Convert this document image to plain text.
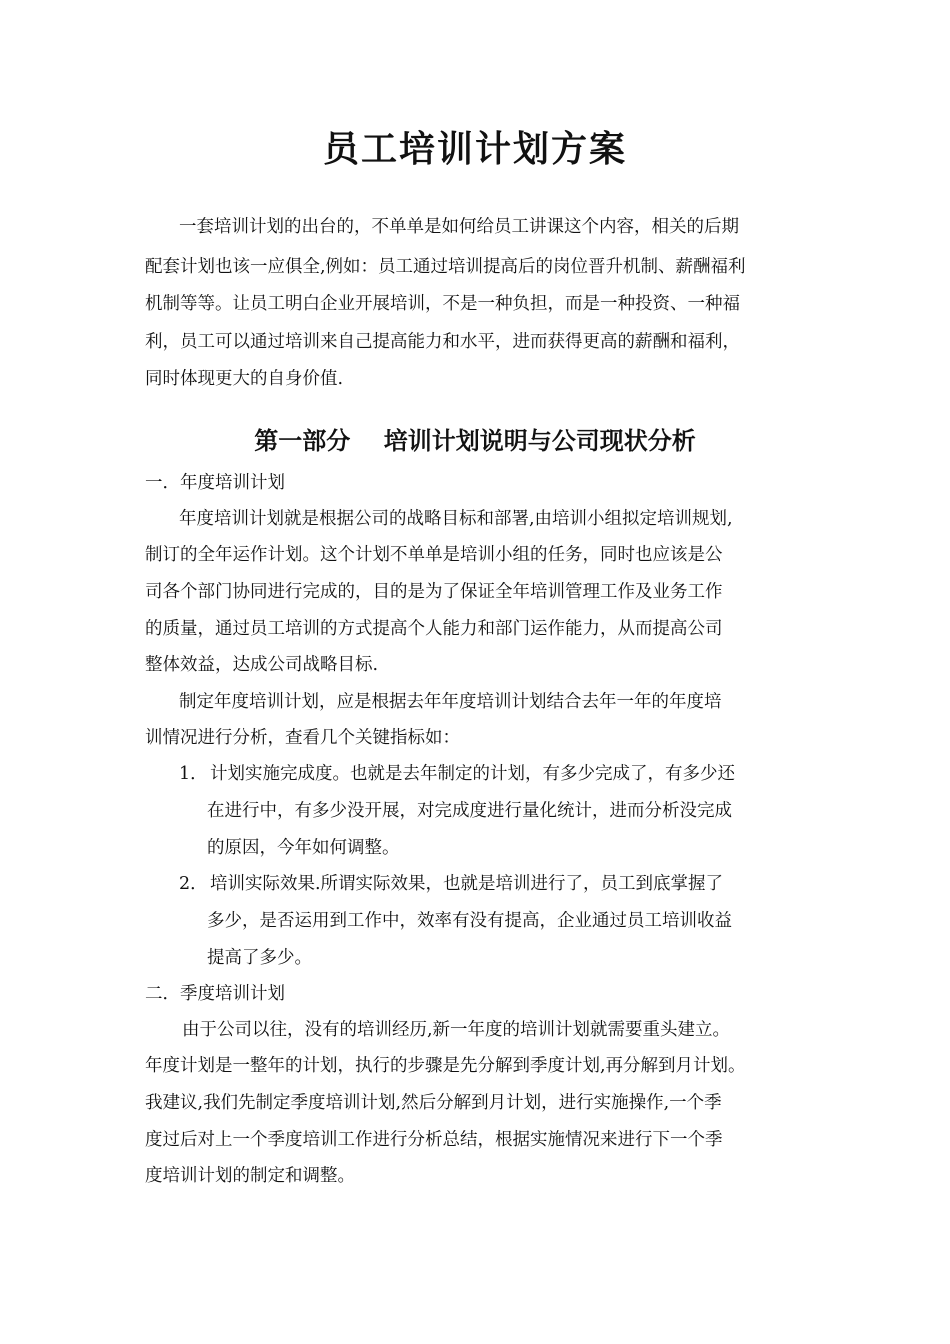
员工培训计划方案

一套培训计划的出台的，不单单是如何给员工讲课这个内容，相关的后期

配套计划也该一应俱全,例如：员工通过培训提高后的岗位晋升机制、薪酬福利

机制等等。让员工明白企业开展培训，不是一种负担，而是一种投资、一种福

利，员工可以通过培训来自己提高能力和水平，进而获得更高的薪酬和福利，

同时体现更大的自身价值.

第一部分    培训计划说明与公司现状分析

一．年度培训计划

年度培训计划就是根据公司的战略目标和部署,由培训小组拟定培训规划,

制订的全年运作计划。这个计划不单单是培训小组的任务，同时也应该是公

司各个部门协同进行完成的，目的是为了保证全年培训管理工作及业务工作

的质量，通过员工培训的方式提高个人能力和部门运作能力，从而提高公司

整体效益，达成公司战略目标.

制定年度培训计划，应是根据去年年度培训计划结合去年一年的年度培

训情况进行分析，查看几个关键指标如：

1． 计划实施完成度。也就是去年制定的计划，有多少完成了，有多少还

在进行中，有多少没开展，对完成度进行量化统计，进而分析没完成

的原因，今年如何调整。

2． 培训实际效果.所谓实际效果，也就是培训进行了，员工到底掌握了

多少，是否运用到工作中，效率有没有提高，企业通过员工培训收益

提高了多少。

二．季度培训计划

由于公司以往，没有的培训经历,新一年度的培训计划就需要重头建立。

年度计划是一整年的计划，执行的步骤是先分解到季度计划,再分解到月计划。

我建议,我们先制定季度培训计划,然后分解到月计划，进行实施操作,一个季

度过后对上一个季度培训工作进行分析总结，根据实施情况来进行下一个季

度培训计划的制定和调整。
